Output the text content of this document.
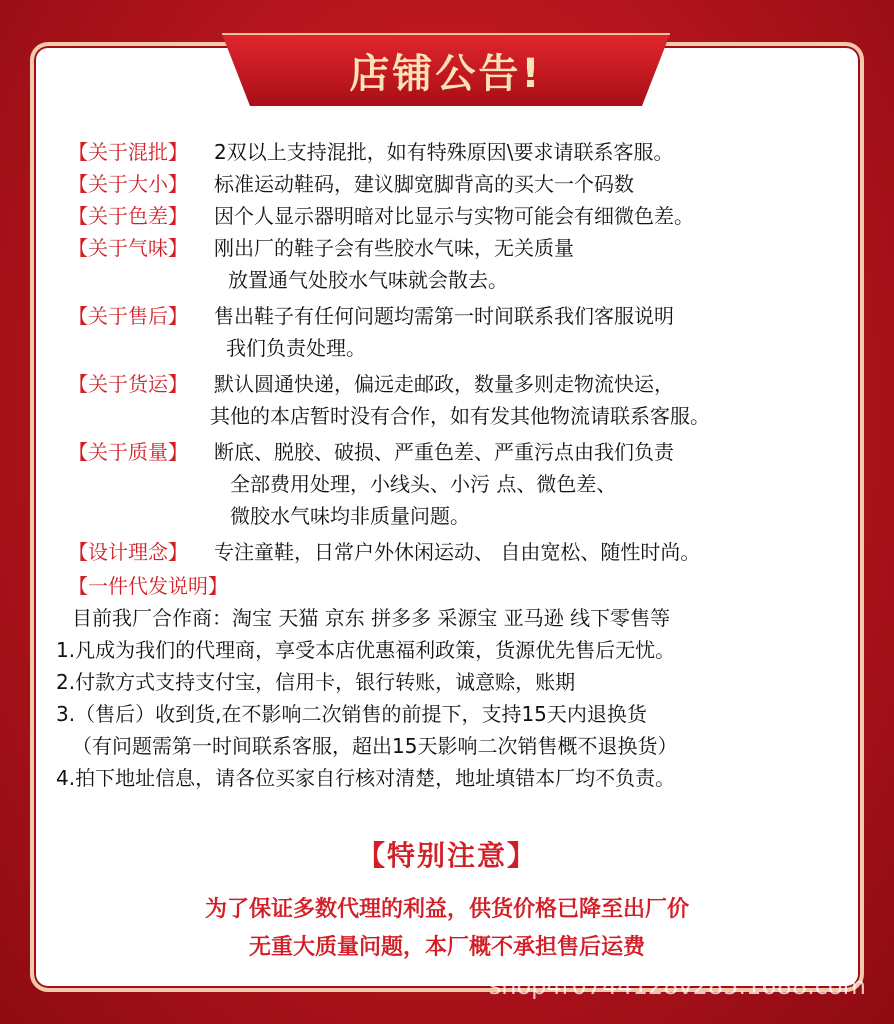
店铺公告!
【关于混批】	2双以上支持混批，如有特殊原因\要求请联系客服。
【关于大小】	标准运动鞋码，建议脚宽脚背高的买大一个码数
【关于色差】	因个人显示器明暗对比显示与实物可能会有细微色差。
【关于气味】	刚出厂的鞋子会有些胶水气味，无关质量
放置通气处胶水气味就会散去。
【关于售后】	售出鞋子有任何问题均需第一时间联系我们客服说明
我们负责处理。
【关于货运】	默认圆通快递，偏远走邮政，数量多则走物流快运，
其他的本店暂时没有合作，如有发其他物流请联系客服。
【关于质量】	断底、脱胶、破损、严重色差、严重污点由我们负责
全部费用处理，小线头、小污 点、微色差、
微胶水气味均非质量问题。
【设计理念】	专注童鞋，日常户外休闲运动、 自由宽松、随性时尚。
【一件代发说明】
目前我厂合作商：淘宝 天猫 京东 拼多多 采源宝 亚马逊 线下零售等
1.凡成为我们的代理商，享受本店优惠福利政策，货源优先售后无忧。
2.付款方式支持支付宝，信用卡，银行转账，诚意赊，账期
3.（售后）收到货,在不影响二次销售的前提下，支持15天内退换货
（有问题需第一时间联系客服，超出15天影响二次销售概不退换货）
4.拍下地址信息，请各位买家自行核对清楚，地址填错本厂均不负责。
【特别注意】
为了保证多数代理的利益，供货价格已降至出厂价
无重大质量问题，本厂概不承担售后运费
shop4r0744128v285.1688.com
